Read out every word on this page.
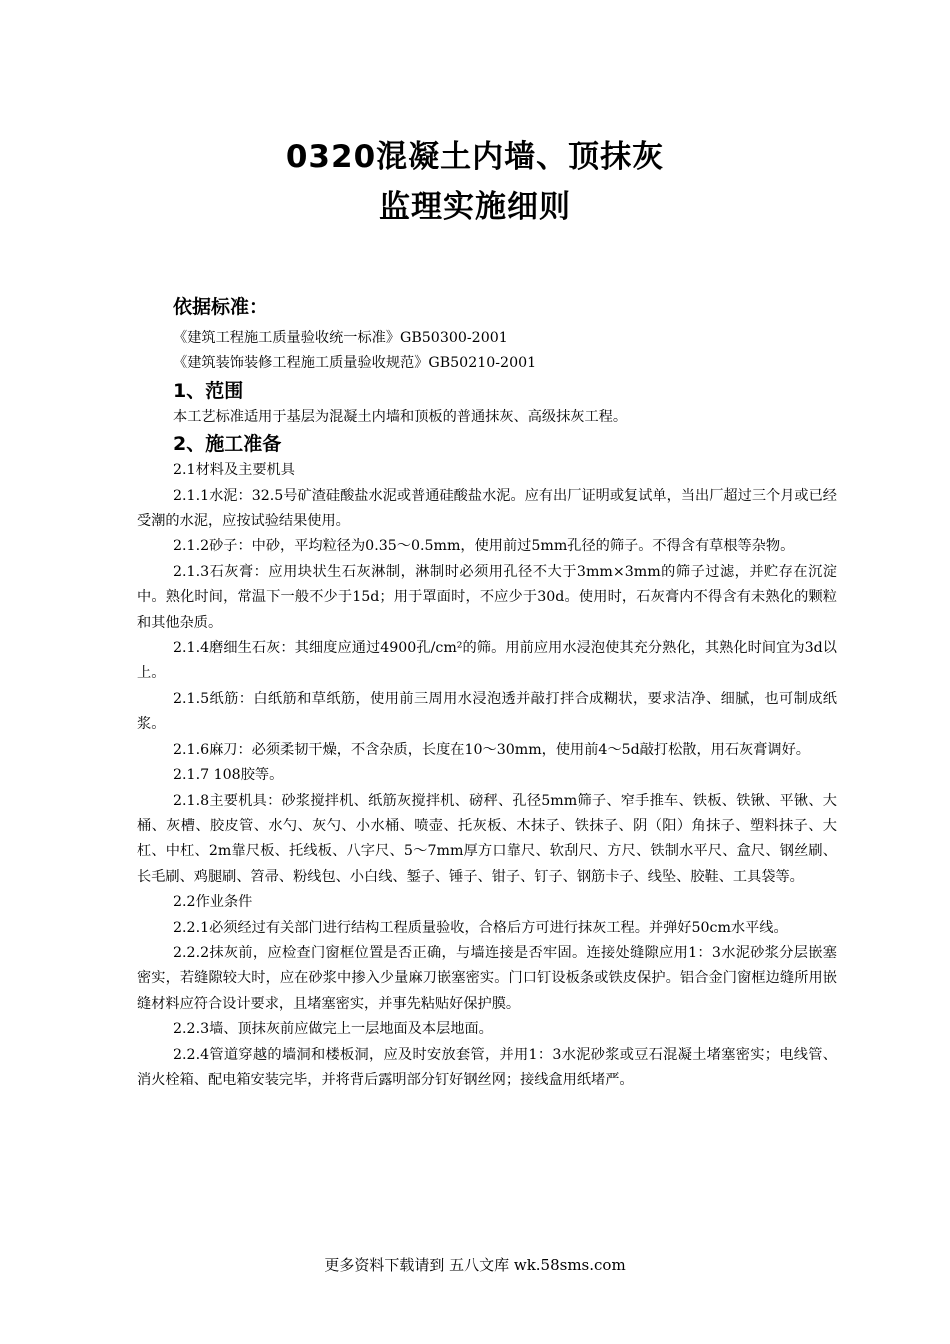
0320混凝土内墙、顶抹灰
监理实施细则

依据标准：

《建筑工程施工质量验收统一标准》GB50300-2001

《建筑装饰装修工程施工质量验收规范》GB50210-2001

1、范围

本工艺标准适用于基层为混凝土内墙和顶板的普通抹灰、高级抹灰工程。

2、施工准备

2.1材料及主要机具

2.1.1水泥：32.5号矿渣硅酸盐水泥或普通硅酸盐水泥。应有出厂证明或复试单，当出厂超过三个月或已经受潮的水泥，应按试验结果使用。

2.1.2砂子：中砂，平均粒径为0.35～0.5mm，使用前过5mm孔径的筛子。不得含有草根等杂物。

2.1.3石灰膏：应用块状生石灰淋制，淋制时必须用孔径不大于3mm×3mm的筛子过滤，并贮存在沉淀中。熟化时间，常温下一般不少于15d；用于罩面时，不应少于30d。使用时，石灰膏内不得含有未熟化的颗粒和其他杂质。

2.1.4磨细生石灰：其细度应通过4900孔/cm²的筛。用前应用水浸泡使其充分熟化，其熟化时间宜为3d以上。

2.1.5纸筋：白纸筋和草纸筋，使用前三周用水浸泡透并敲打拌合成糊状，要求洁净、细腻，也可制成纸浆。

2.1.6麻刀：必须柔韧干燥，不含杂质，长度在10～30mm，使用前4～5d敲打松散，用石灰膏调好。

2.1.7 108胶等。

2.1.8主要机具：砂浆搅拌机、纸筋灰搅拌机、磅秤、孔径5mm筛子、窄手推车、铁板、铁锹、平锹、大桶、灰槽、胶皮管、水勺、灰勺、小水桶、喷壶、托灰板、木抹子、铁抹子、阴（阳）角抹子、塑料抹子、大杠、中杠、2m靠尺板、托线板、八字尺、5～7mm厚方口靠尺、软刮尺、方尺、铁制水平尺、盒尺、钢丝刷、长毛刷、鸡腿刷、笤帚、粉线包、小白线、錾子、锤子、钳子、钉子、钢筋卡子、线坠、胶鞋、工具袋等。

2.2作业条件

2.2.1必须经过有关部门进行结构工程质量验收，合格后方可进行抹灰工程。并弹好50cm水平线。

2.2.2抹灰前，应检查门窗框位置是否正确，与墙连接是否牢固。连接处缝隙应用1：3水泥砂浆分层嵌塞密实，若缝隙较大时，应在砂浆中掺入少量麻刀嵌塞密实。门口钉设板条或铁皮保护。铝合金门窗框边缝所用嵌缝材料应符合设计要求，且堵塞密实，并事先粘贴好保护膜。

2.2.3墙、顶抹灰前应做完上一层地面及本层地面。

2.2.4管道穿越的墙洞和楼板洞，应及时安放套管，并用1：3水泥砂浆或豆石混凝土堵塞密实；电线管、消火栓箱、配电箱安装完毕，并将背后露明部分钉好钢丝网；接线盒用纸堵严。

更多资料下载请到 五八文库 wk.58sms.com
